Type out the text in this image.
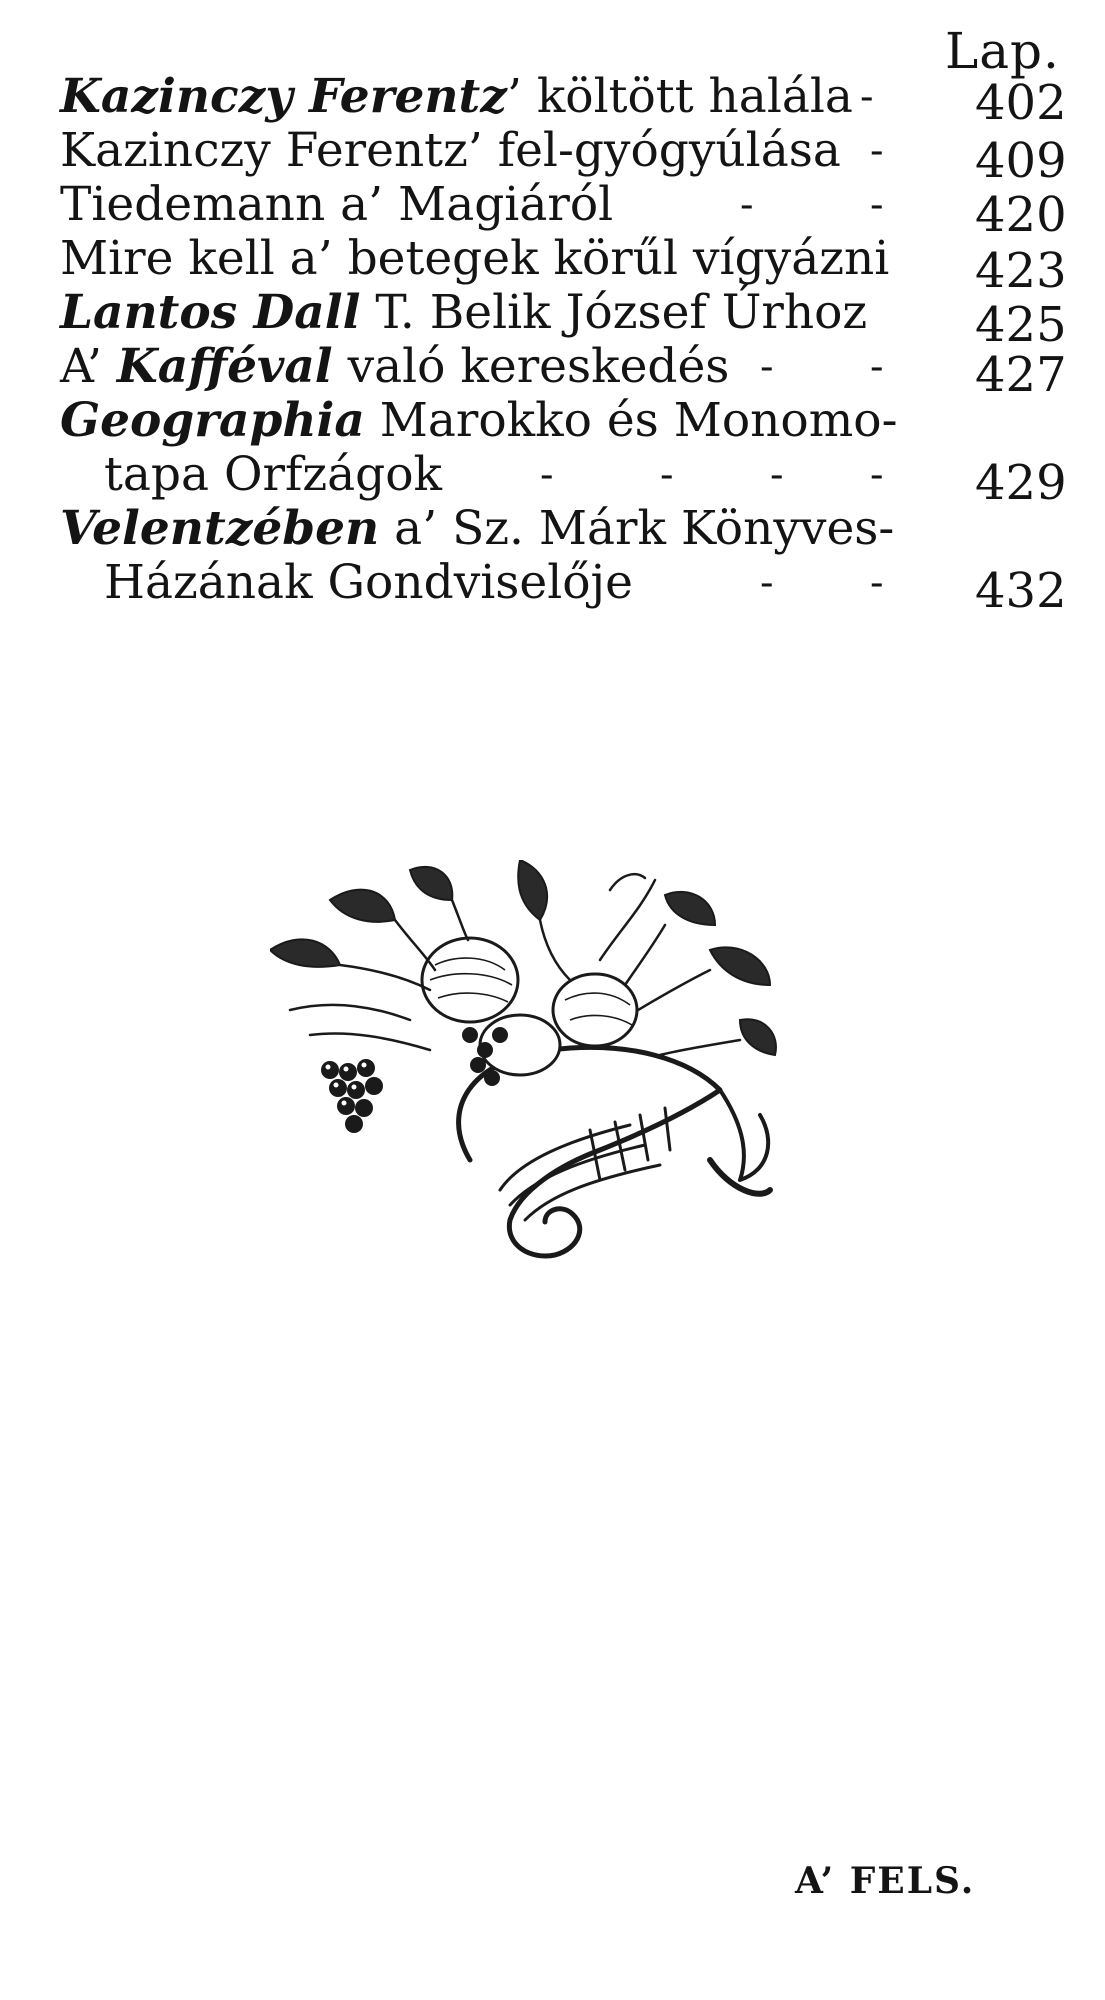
Lap.
Kazinczy Ferentz’ költött halála - 402
Kazinczy Ferentz’ fel-gyógyúlása - 409
Tiedemann a’ Magiáról	-	- 420
Mire kell a’ betegek körűl vígyázni 423
Lantos Dall T. Belik József Úrhoz 425
A’ Kafféval való kereskedés - - 427
Geographia Marokko és Monomo-
tapa Orfzágok -	- - - 429
Velentzében a’ Sz. Márk Könyves-
Házának Gondviselője	- - 432
A’ FELS.
